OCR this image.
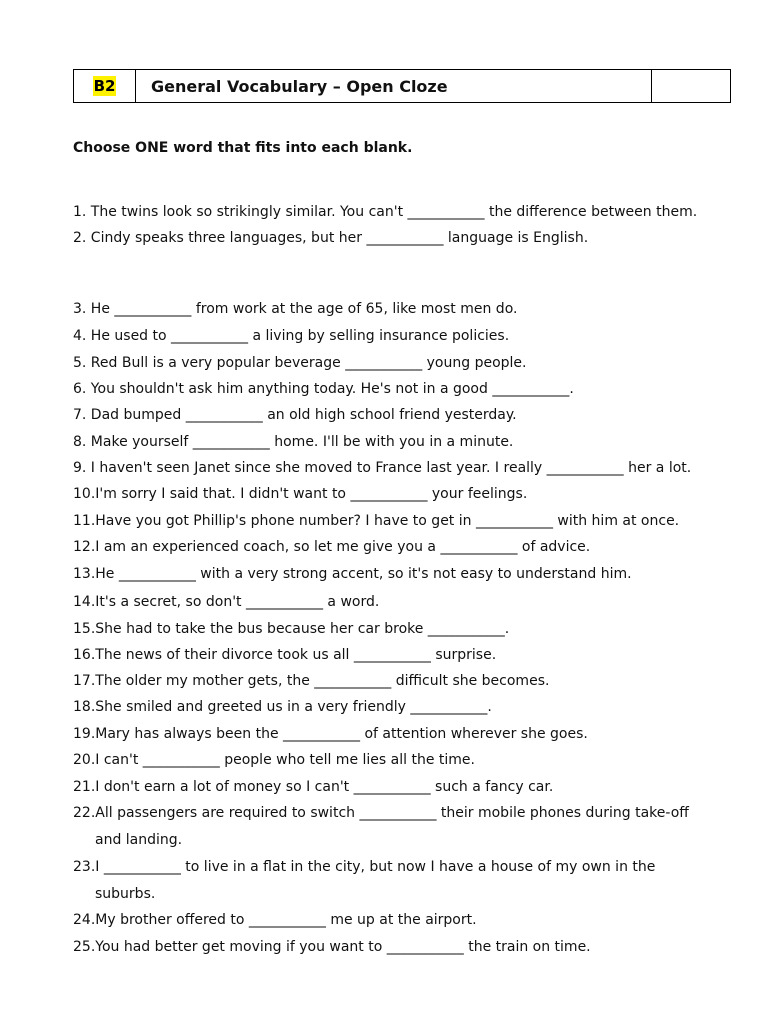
B2 General Vocabulary – Open Cloze
Choose ONE word that fits into each blank.
1. The twins look so strikingly similar. You can't ___________ the difference between them.
2. Cindy speaks three languages, but her ___________ language is English.
3. He ___________ from work at the age of 65, like most men do.
4. He used to ___________ a living by selling insurance policies.
5. Red Bull is a very popular beverage ___________ young people.
6. You shouldn't ask him anything today. He's not in a good ___________.
7. Dad bumped ___________ an old high school friend yesterday.
8. Make yourself ___________ home. I'll be with you in a minute.
9. I haven't seen Janet since she moved to France last year. I really ___________ her a lot.
10.I'm sorry I said that. I didn't want to ___________ your feelings.
11.Have you got Phillip's phone number? I have to get in ___________ with him at once.
12.I am an experienced coach, so let me give you a ___________ of advice.
13.He ___________ with a very strong accent, so it's not easy to understand him.
14.It's a secret, so don't ___________ a word.
15.She had to take the bus because her car broke ___________.
16.The news of their divorce took us all ___________ surprise.
17.The older my mother gets, the ___________ difficult she becomes.
18.She smiled and greeted us in a very friendly ___________.
19.Mary has always been the ___________ of attention wherever she goes.
20.I can't ___________ people who tell me lies all the time.
21.I don't earn a lot of money so I can't ___________ such a fancy car.
22.All passengers are required to switch ___________ their mobile phones during take-off
and landing.
23.I ___________ to live in a flat in the city, but now I have a house of my own in the
suburbs.
24.My brother offered to ___________ me up at the airport.
25.You had better get moving if you want to ___________ the train on time.
